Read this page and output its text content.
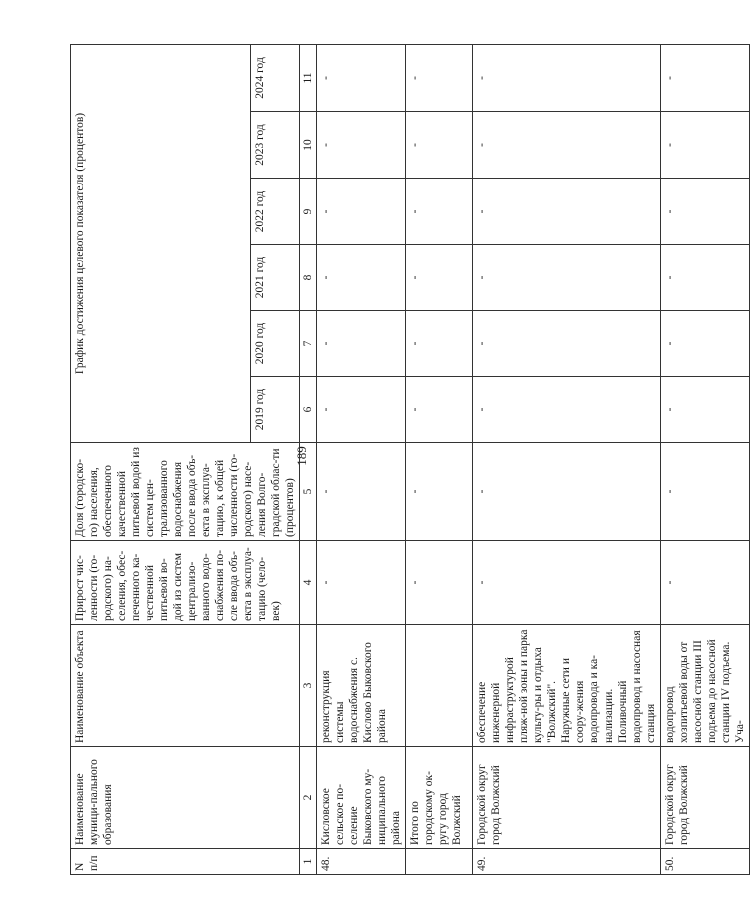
189
N п/п	Наименование муници-пального образования	Наименование объекта	Прирост чис-ленности (го-родского) на-селения, обес-печенного ка-чественной питьевой во-дой из систем централизо-ванного водо-снабжения по-сле ввода объ-екта в эксплуа-тацию (чело-век)	Доля (городско-го) населения, обеспеченного качественной питьевой водой из систем цен-трализованного водоснабжения после ввода объ-екта в эксплуа-тацию, к общей численности (го-родского) насе-ления Волго-градской облас-ти (процентов)	График достижения целевого показателя (процентов)					
					2019 год	2020 год	2021 год	2022 год	2023 год	2024 год
1	2	3	4	5	6	7	8	9	10	11
48.	Кисловское сельское по-селение Быковского му-ниципального района	реконструкция системы водоснабжения с. Кислово Быковского района	-	-	-	-	-	-	-	-
	Итого по городскому ок-ругу город Волжский		-	-	-	-	-	-	-	-
49.	Городской округ город Волжский	обеспечение инженерной инфраструктурой пляж-ной зоны и парка культу-ры и отдыха "Волжский". Наружные сети и соору-жения водопровода и ка-нализации. Поливочный водопровод и насосная станция	-	-	-	-	-	-	-	-
50.	Городской округ город Волжский	водопровод хозпитьевой воды от насосной станции III подъема до насосной станции IV подъема. Уча-	-	-	-	-	-	-	-	-
